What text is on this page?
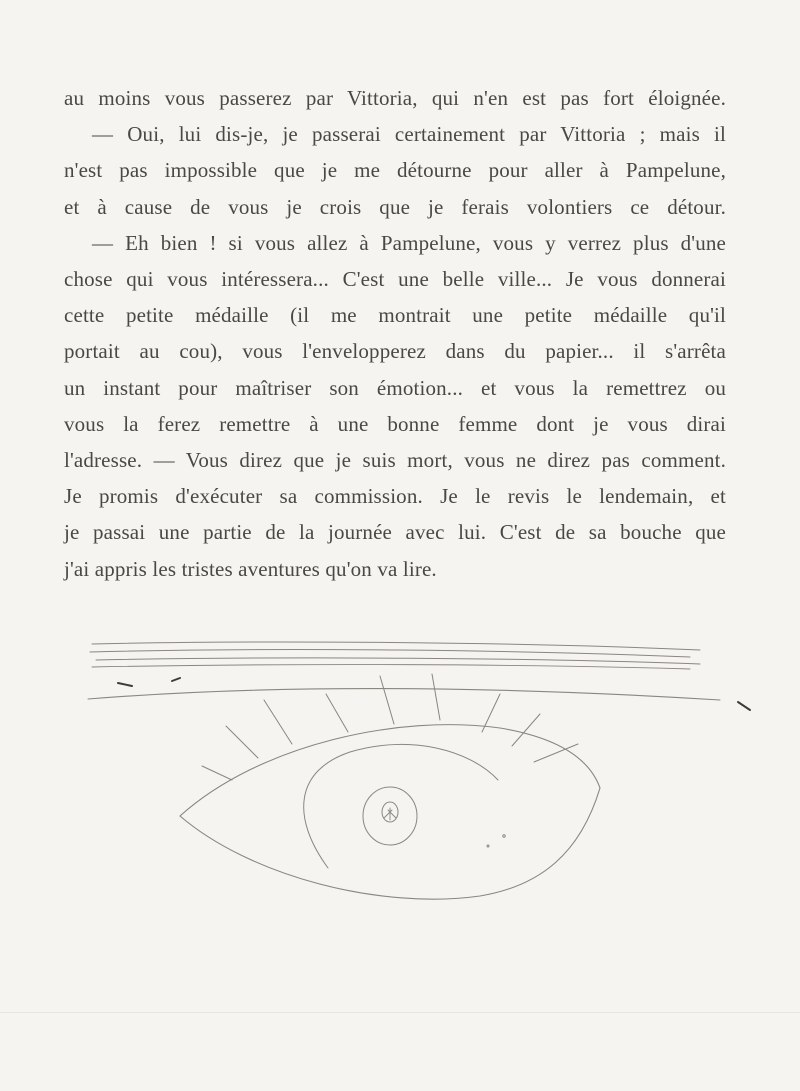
au moins vous passerez par Vittoria, qui n'en est pas fort éloignée.
— Oui, lui dis-je, je passerai certainement par Vittoria ; mais il
n'est pas impossible que je me détourne pour aller à Pampelune,
et à cause de vous je crois que je ferais volontiers ce détour.
— Eh bien ! si vous allez à Pampelune, vous y verrez plus d'une
chose qui vous intéressera... C'est une belle ville... Je vous donnerai
cette petite médaille (il me montrait une petite médaille qu'il
portait au cou), vous l'envelopperez dans du papier... il s'arrêta
un instant pour maîtriser son émotion... et vous la remettrez ou
vous la ferez remettre à une bonne femme dont je vous dirai
l'adresse. — Vous direz que je suis mort, vous ne direz pas comment.
Je promis d'exécuter sa commission. Je le revis le lendemain, et
je passai une partie de la journée avec lui. C'est de sa bouche que
j'ai appris les tristes aventures qu'on va lire.
